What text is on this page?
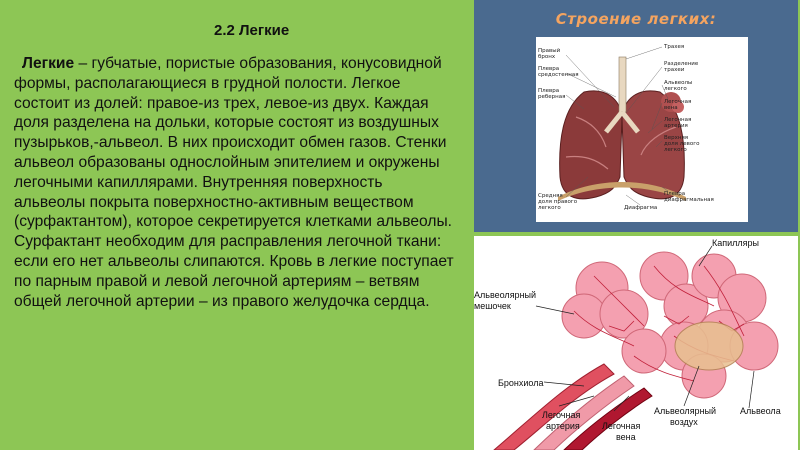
2.2 Легкие
Легкие – губчатые, пористые образования, конусовидной формы, располагающиеся в грудной полости. Легкое состоит из долей: правое-из трех, левое-из двух. Каждая доля разделена на дольки, которые состоят из воздушных пузырьков,-альвеол. В них происходит обмен газов. Стенки альвеол образованы однослойным эпителием и окружены легочными капиллярами. Внутренняя поверхность альвеолы покрыта поверхностно-активным веществом (сурфактантом), которое секретируется клетками альвеолы. Сурфактант необходим для расправления легочной ткани: если его нет альвеолы слипаются. Кровь в легкие поступает по парным правой и левой легочной артериям – ветвям общей легочной артерии – из правого желудочка сердца.
Строение легких:
Правый
бронх
Плевра
средостенная
Плевра
реберная
Средняя
доля правого
легкого
Трахея
Разделение
трахеи
Альвеолы
легкого
Легочная
вена
Легочная
артерия
Верхняя
доля левого
легкого
Плевра
диафрагмальная
Диафрагма
Капилляры
Альвеолярный
мешочек
Бронхиола
Легочная
артерия Легочная
вена
Альвеолярный
воздух
Альвеола
